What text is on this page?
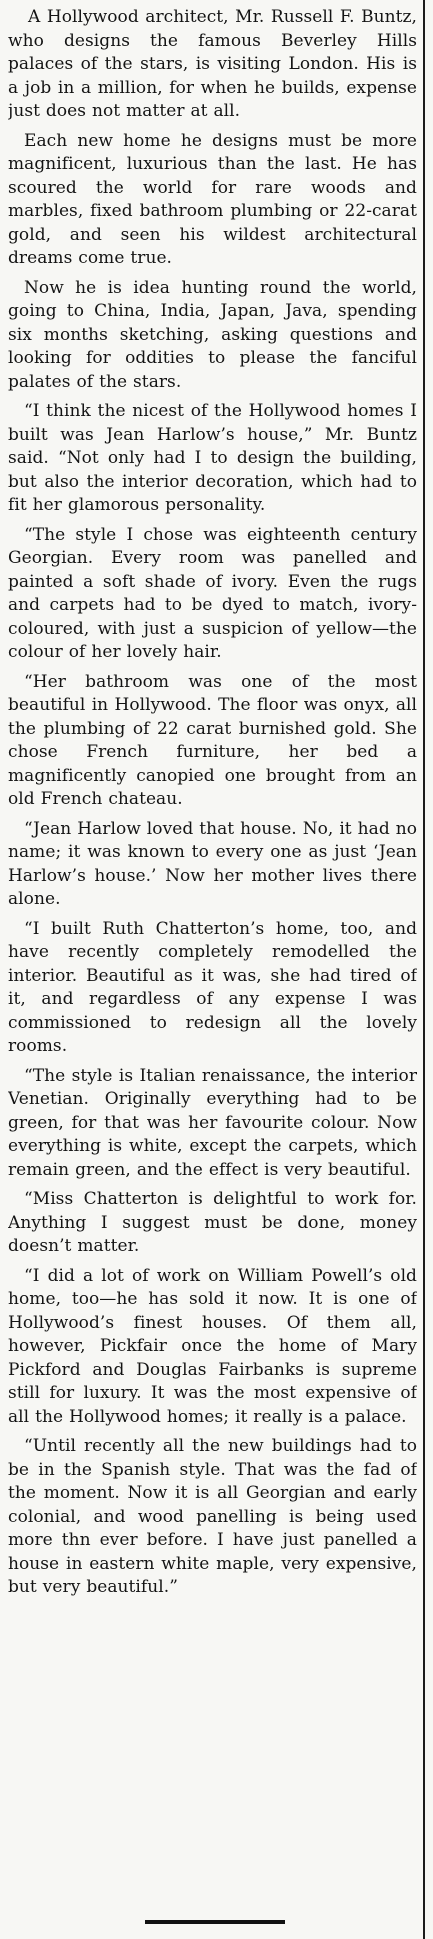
A Hollywood architect, Mr. Russell F. Buntz, who designs the famous Beverley Hills palaces of the stars, is visiting London. His is a job in a million, for when he builds, expense just does not matter at all.

Each new home he designs must be more magnificent, luxurious than the last. He has scoured the world for rare woods and marbles, fixed bathroom plumbing or 22-carat gold, and seen his wildest architectural dreams come true.

Now he is idea hunting round the world, going to China, India, Japan, Java, spending six months sketching, asking questions and looking for oddities to please the fanciful palates of the stars.

“I think the nicest of the Hollywood homes I built was Jean Harlow’s house,” Mr. Buntz said. “Not only had I to design the building, but also the interior decoration, which had to fit her glamorous personality.

“The style I chose was eighteenth century Georgian. Every room was panelled and painted a soft shade of ivory. Even the rugs and carpets had to be dyed to match, ivory-coloured, with just a suspicion of yellow—the colour of her lovely hair.

“Her bathroom was one of the most beautiful in Hollywood. The floor was onyx, all the plumbing of 22 carat burnished gold. She chose French furniture, her bed a magnificently canopied one brought from an old French chateau.

“Jean Harlow loved that house. No, it had no name; it was known to every one as just ‘Jean Harlow’s house.’ Now her mother lives there alone.

“I built Ruth Chatterton’s home, too, and have recently completely remodelled the interior. Beautiful as it was, she had tired of it, and regardless of any expense I was commissioned to redesign all the lovely rooms.

“The style is Italian renaissance, the interior Venetian. Originally everything had to be green, for that was her favourite colour. Now everything is white, except the carpets, which remain green, and the effect is very beautiful.

“Miss Chatterton is delightful to work for. Anything I suggest must be done, money doesn’t matter.

“I did a lot of work on William Powell’s old home, too—he has sold it now. It is one of Hollywood’s finest houses. Of them all, however, Pickfair once the home of Mary Pickford and Douglas Fairbanks is supreme still for luxury. It was the most expensive of all the Hollywood homes; it really is a palace.

“Until recently all the new buildings had to be in the Spanish style. That was the fad of the moment. Now it is all Georgian and early colonial, and wood panelling is being used more thn ever before. I have just panelled a house in eastern white maple, very expensive, but very beautiful.”
